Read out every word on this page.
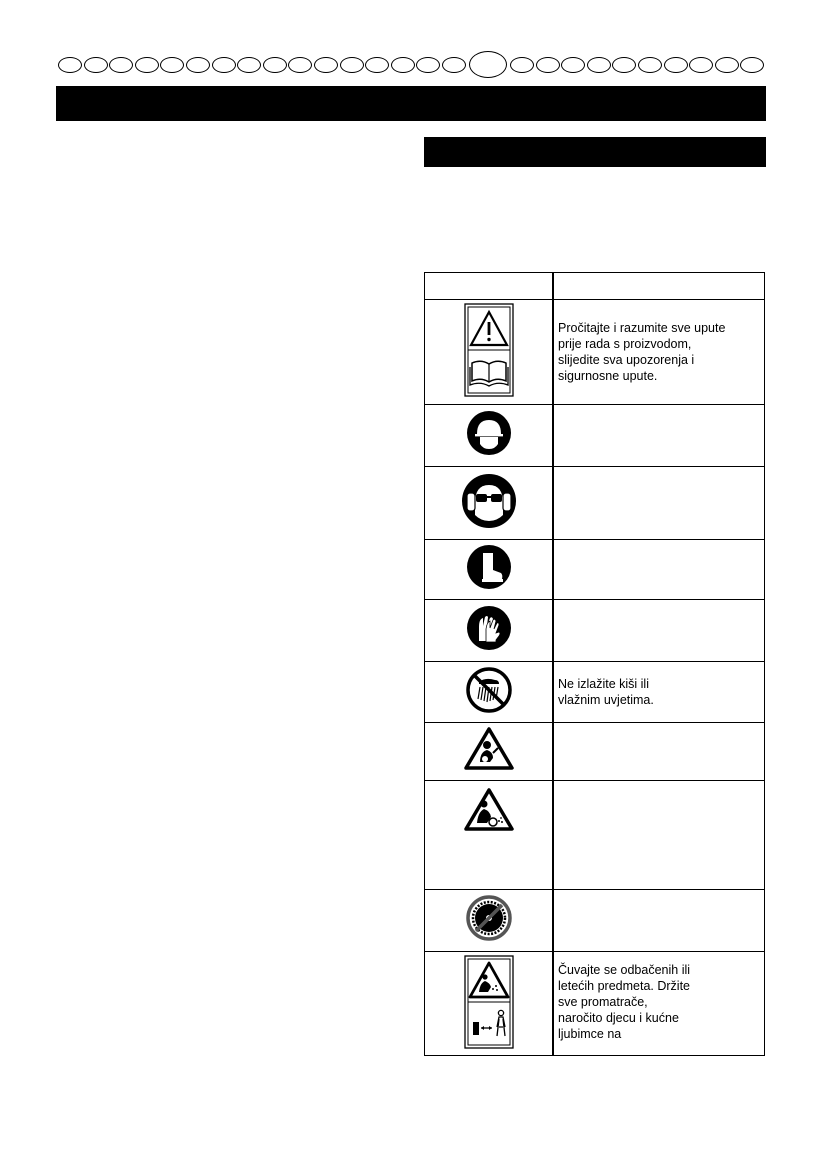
Pročitajte i razumite sve upute
prije rada s proizvodom,
slijedite sva upozorenja i
sigurnosne upute.
Ne izlažite kiši ili
vlažnim uvjetima.
Čuvajte se odbačenih ili
letećih predmeta. Držite
sve promatrače,
naročito djecu i kućne
ljubimce na
